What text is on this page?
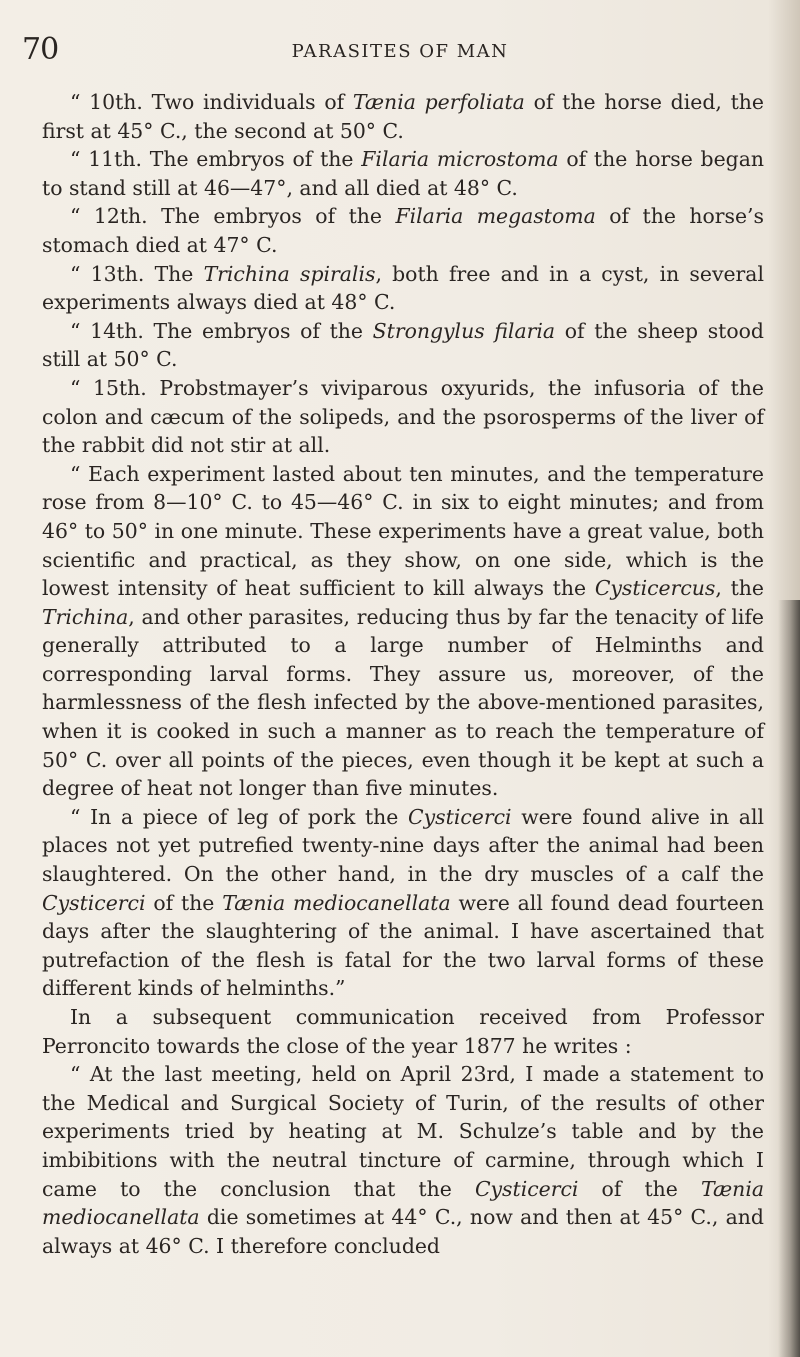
70	PARASITES OF MAN

“ 10th. Two individuals of Tænia perfoliata of the horse died, the first at 45° C., the second at 50° C.

“ 11th. The embryos of the Filaria microstoma of the horse began to stand still at 46—47°, and all died at 48° C.

“ 12th. The embryos of the Filaria megastoma of the horse’s stomach died at 47° C.

“ 13th. The Trichina spiralis, both free and in a cyst, in several experiments always died at 48° C.

“ 14th. The embryos of the Strongylus filaria of the sheep stood still at 50° C.

“ 15th. Probstmayer’s viviparous oxyurids, the infusoria of the colon and cæcum of the solipeds, and the psorosperms of the liver of the rabbit did not stir at all.

“ Each experiment lasted about ten minutes, and the temperature rose from 8—10° C. to 45—46° C. in six to eight minutes; and from 46° to 50° in one minute. These experiments have a great value, both scientific and practical, as they show, on one side, which is the lowest intensity of heat sufficient to kill always the Cysticercus, the Trichina, and other parasites, reducing thus by far the tenacity of life generally attributed to a large number of Helminths and corresponding larval forms. They assure us, moreover, of the harmlessness of the flesh infected by the above-mentioned parasites, when it is cooked in such a manner as to reach the temperature of 50° C. over all points of the pieces, even though it be kept at such a degree of heat not longer than five minutes.

“ In a piece of leg of pork the Cysticerci were found alive in all places not yet putrefied twenty-nine days after the animal had been slaughtered. On the other hand, in the dry muscles of a calf the Cysticerci of the Tænia mediocanellata were all found dead fourteen days after the slaughtering of the animal. I have ascertained that putrefaction of the flesh is fatal for the two larval forms of these different kinds of helminths.”

In a subsequent communication received from Professor Perroncito towards the close of the year 1877 he writes :

“ At the last meeting, held on April 23rd, I made a statement to the Medical and Surgical Society of Turin, of the results of other experiments tried by heating at M. Schulze’s table and by the imbibitions with the neutral tincture of carmine, through which I came to the conclusion that the Cysticerci of the Tænia mediocanellata die sometimes at 44° C., now and then at 45° C., and always at 46° C. I therefore concluded
